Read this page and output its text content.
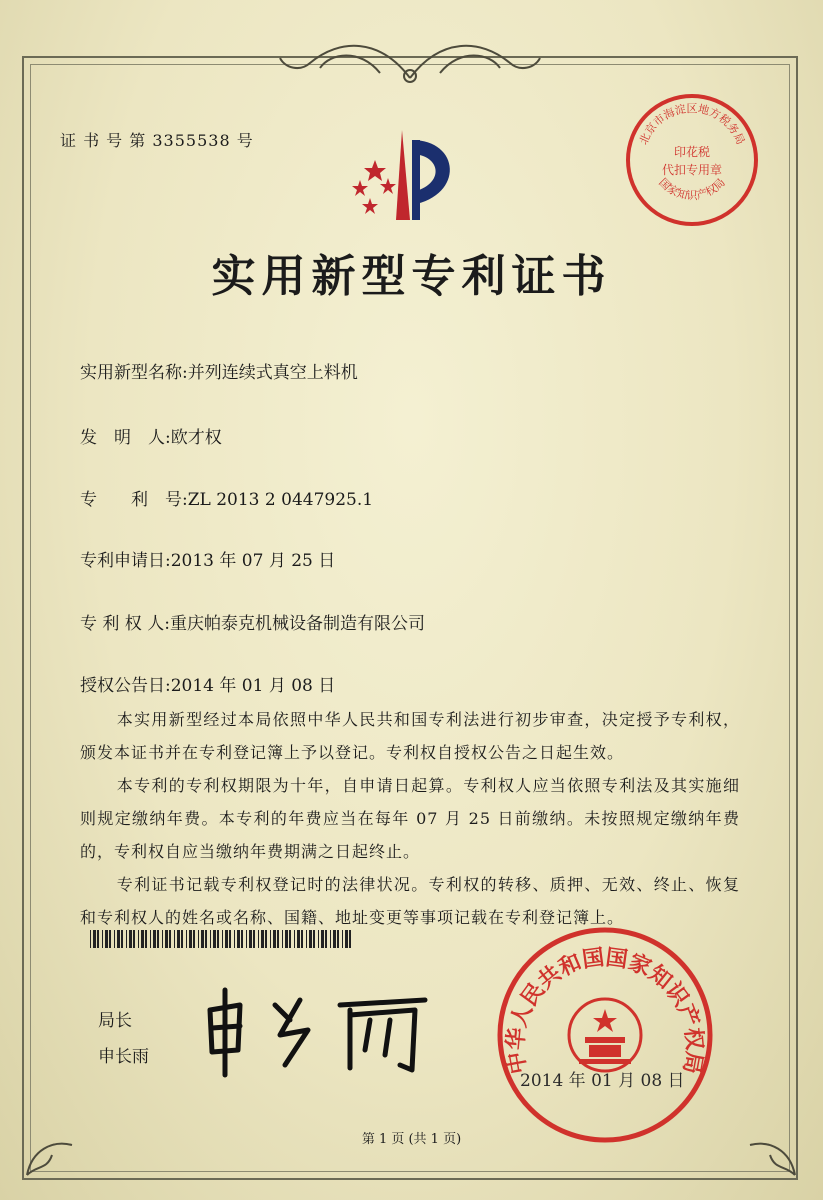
证 书 号 第 3355538 号	北京市海淀区地方税务局
印花税
代扣专用章
国家知识产权局
实用新型专利证书
实用新型名称:并列连续式真空上料机
发　明　人:欧才权
专　　利　号:ZL 2013 2 0447925.1
专利申请日:2013 年 07 月 25 日
专 利 权 人:重庆帕泰克机械设备制造有限公司
授权公告日:2014 年 01 月 08 日

本实用新型经过本局依照中华人民共和国专利法进行初步审查，决定授予专利权，颁发本证书并在专利登记簿上予以登记。专利权自授权公告之日起生效。

本专利的专利权期限为十年，自申请日起算。专利权人应当依照专利法及其实施细则规定缴纳年费。本专利的年费应当在每年 07 月 25 日前缴纳。未按照规定缴纳年费的，专利权自应当缴纳年费期满之日起终止。

专利证书记载专利权登记时的法律状况。专利权的转移、质押、无效、终止、恢复和专利权人的姓名或名称、国籍、地址变更等事项记载在专利登记簿上。

局长
申长雨	中华人民共和国国家知识产权局
2014 年 01 月 08 日
第 1 页 (共 1 页)
